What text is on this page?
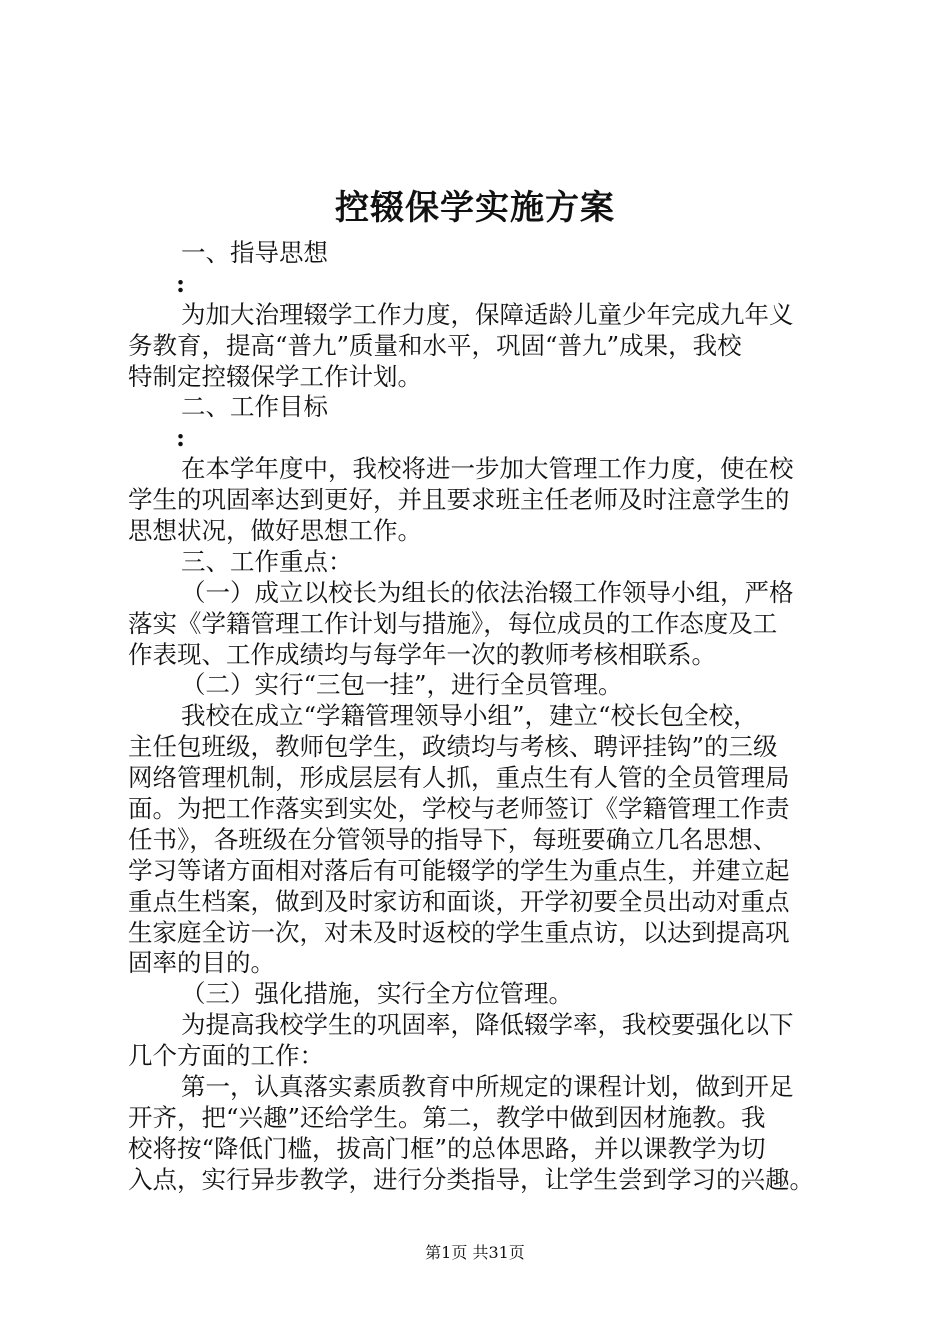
控辍保学实施方案
一、指导思想
:
为加大治理辍学工作力度，保障适龄儿童少年完成九年义
务教育，提高“普九”质量和水平，巩固“普九”成果，我校
特制定控辍保学工作计划。
二、工作目标
:
在本学年度中，我校将进一步加大管理工作力度，使在校
学生的巩固率达到更好，并且要求班主任老师及时注意学生的
思想状况，做好思想工作。
三、工作重点：
（一）成立以校长为组长的依法治辍工作领导小组，严格
落实《学籍管理工作计划与措施》，每位成员的工作态度及工
作表现、工作成绩均与每学年一次的教师考核相联系。
（二）实行“三包一挂”，进行全员管理。
我校在成立“学籍管理领导小组”，建立“校长包全校，
主任包班级，教师包学生，政绩均与考核、聘评挂钩”的三级
网络管理机制，形成层层有人抓，重点生有人管的全员管理局
面。为把工作落实到实处，学校与老师签订《学籍管理工作责
任书》，各班级在分管领导的指导下，每班要确立几名思想、
学习等诸方面相对落后有可能辍学的学生为重点生，并建立起
重点生档案，做到及时家访和面谈，开学初要全员出动对重点
生家庭全访一次，对未及时返校的学生重点访，以达到提高巩
固率的目的。
（三）强化措施，实行全方位管理。
为提高我校学生的巩固率，降低辍学率，我校要强化以下
几个方面的工作：
第一，认真落实素质教育中所规定的课程计划，做到开足
开齐，把“兴趣”还给学生。第二，教学中做到因材施教。我
校将按“降低门槛，拔高门框”的总体思路，并以课教学为切
入点，实行异步教学，进行分类指导，让学生尝到学习的兴趣。
第1页 共31页
